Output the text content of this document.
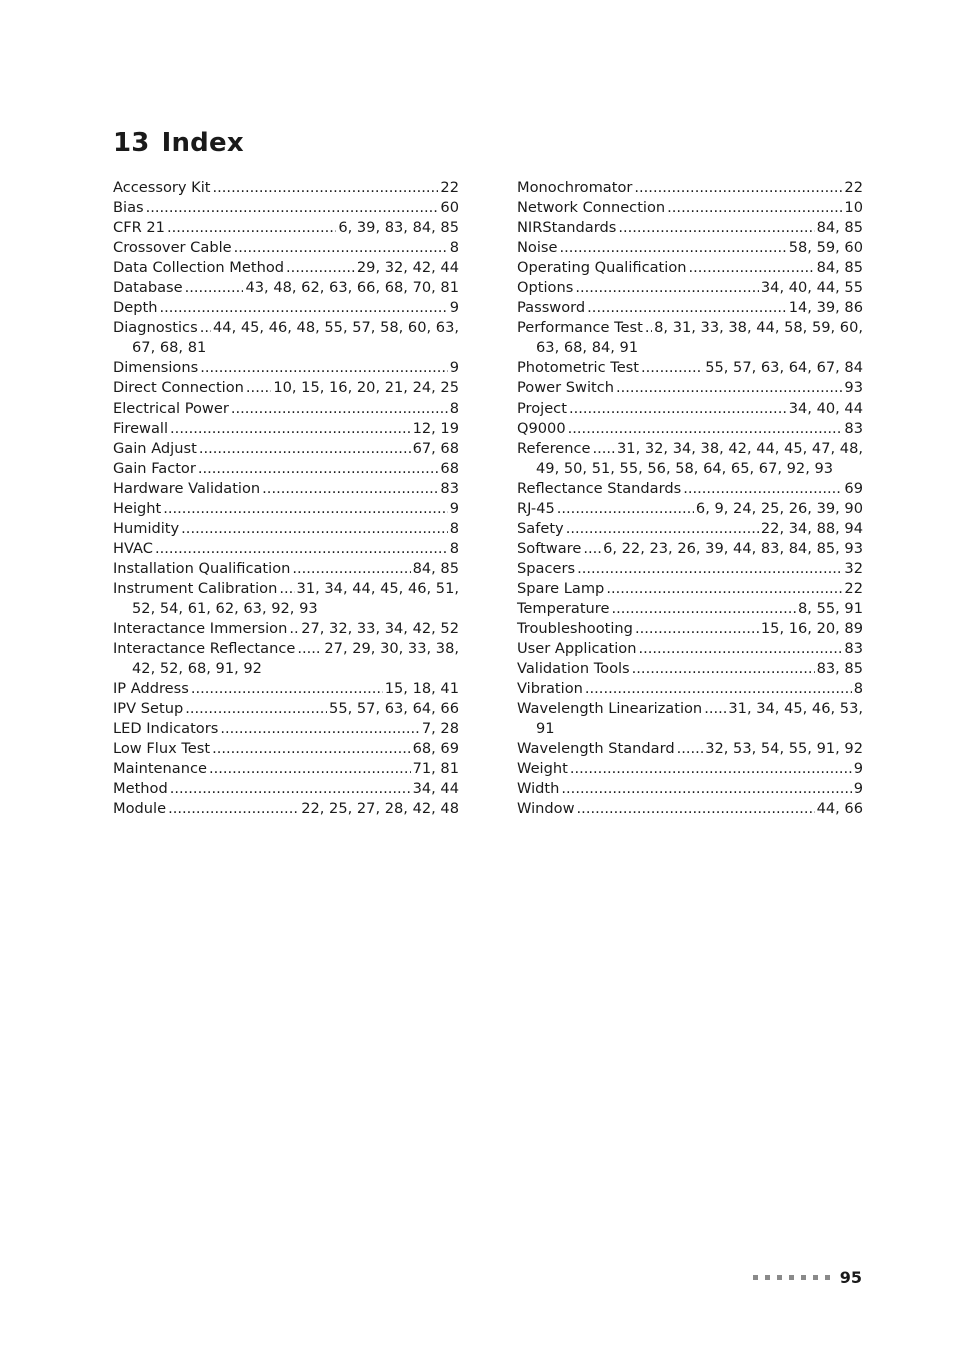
13 Index
Accessory Kit .....	22
Bias .....	60
CFR 21 .....	6, 39, 83, 84, 85
Crossover Cable .....	8
Data Collection Method .....	29, 32, 42, 44
Database .....	43, 48, 62, 63, 66, 68, 70, 81
Depth .....	9
Diagnostics ..... 44, 45, 46, 48, 55, 57, 58, 60, 63,
67, 68, 81
Dimensions .....	9
Direct Connection ..... 10, 15, 16, 20, 21, 24, 25
Electrical Power .....	8
Firewall .....	12, 19
Gain Adjust .....	67, 68
Gain Factor .....	68
Hardware Validation .....	83
Height .....	9
Humidity .....	8
HVAC .....	8
Installation Qualification .....	84, 85
Instrument Calibration ..... 31, 34, 44, 45, 46, 51,
52, 54, 61, 62, 63, 92, 93
Interactance Immersion ..... 27, 32, 33, 34, 42, 52
Interactance Reflectance ..... 27, 29, 30, 33, 38,
42, 52, 68, 91, 92
IP Address .....	15, 18, 41
IPV Setup .....	55, 57, 63, 64, 66
LED Indicators .....	7, 28
Low Flux Test .....	68, 69
Maintenance .....	71, 81
Method .....	34, 44
Module .....	22, 25, 27, 28, 42, 48
Monochromator .....	22
Network Connection .....	10
NIRStandards .....	84, 85
Noise .....	58, 59, 60
Operating Qualification .....	84, 85
Options .....	34, 40, 44, 55
Password .....	14, 39, 86
Performance Test ..... 8, 31, 33, 38, 44, 58, 59, 60,
63, 68, 84, 91
Photometric Test .....	55, 57, 63, 64, 67, 84
Power Switch .....	93
Project .....	34, 40, 44
Q9000 .....	83
Reference ..... 31, 32, 34, 38, 42, 44, 45, 47, 48,
49, 50, 51, 55, 56, 58, 64, 65, 67, 92, 93
Reflectance Standards .....	69
RJ-45 .....	6, 9, 24, 25, 26, 39, 90
Safety .....	22, 34, 88, 94
Software ..... 6, 22, 23, 26, 39, 44, 83, 84, 85, 93
Spacers .....	32
Spare Lamp .....	22
Temperature .....	8, 55, 91
Troubleshooting .....	15, 16, 20, 89
User Application .....	83
Validation Tools .....	83, 85
Vibration .....	8
Wavelength Linearization ..... 31, 34, 45, 46, 53,
91
Wavelength Standard ..... 32, 53, 54, 55, 91, 92
Weight .....	9
Width .....	9
Window .....	44, 66
95
